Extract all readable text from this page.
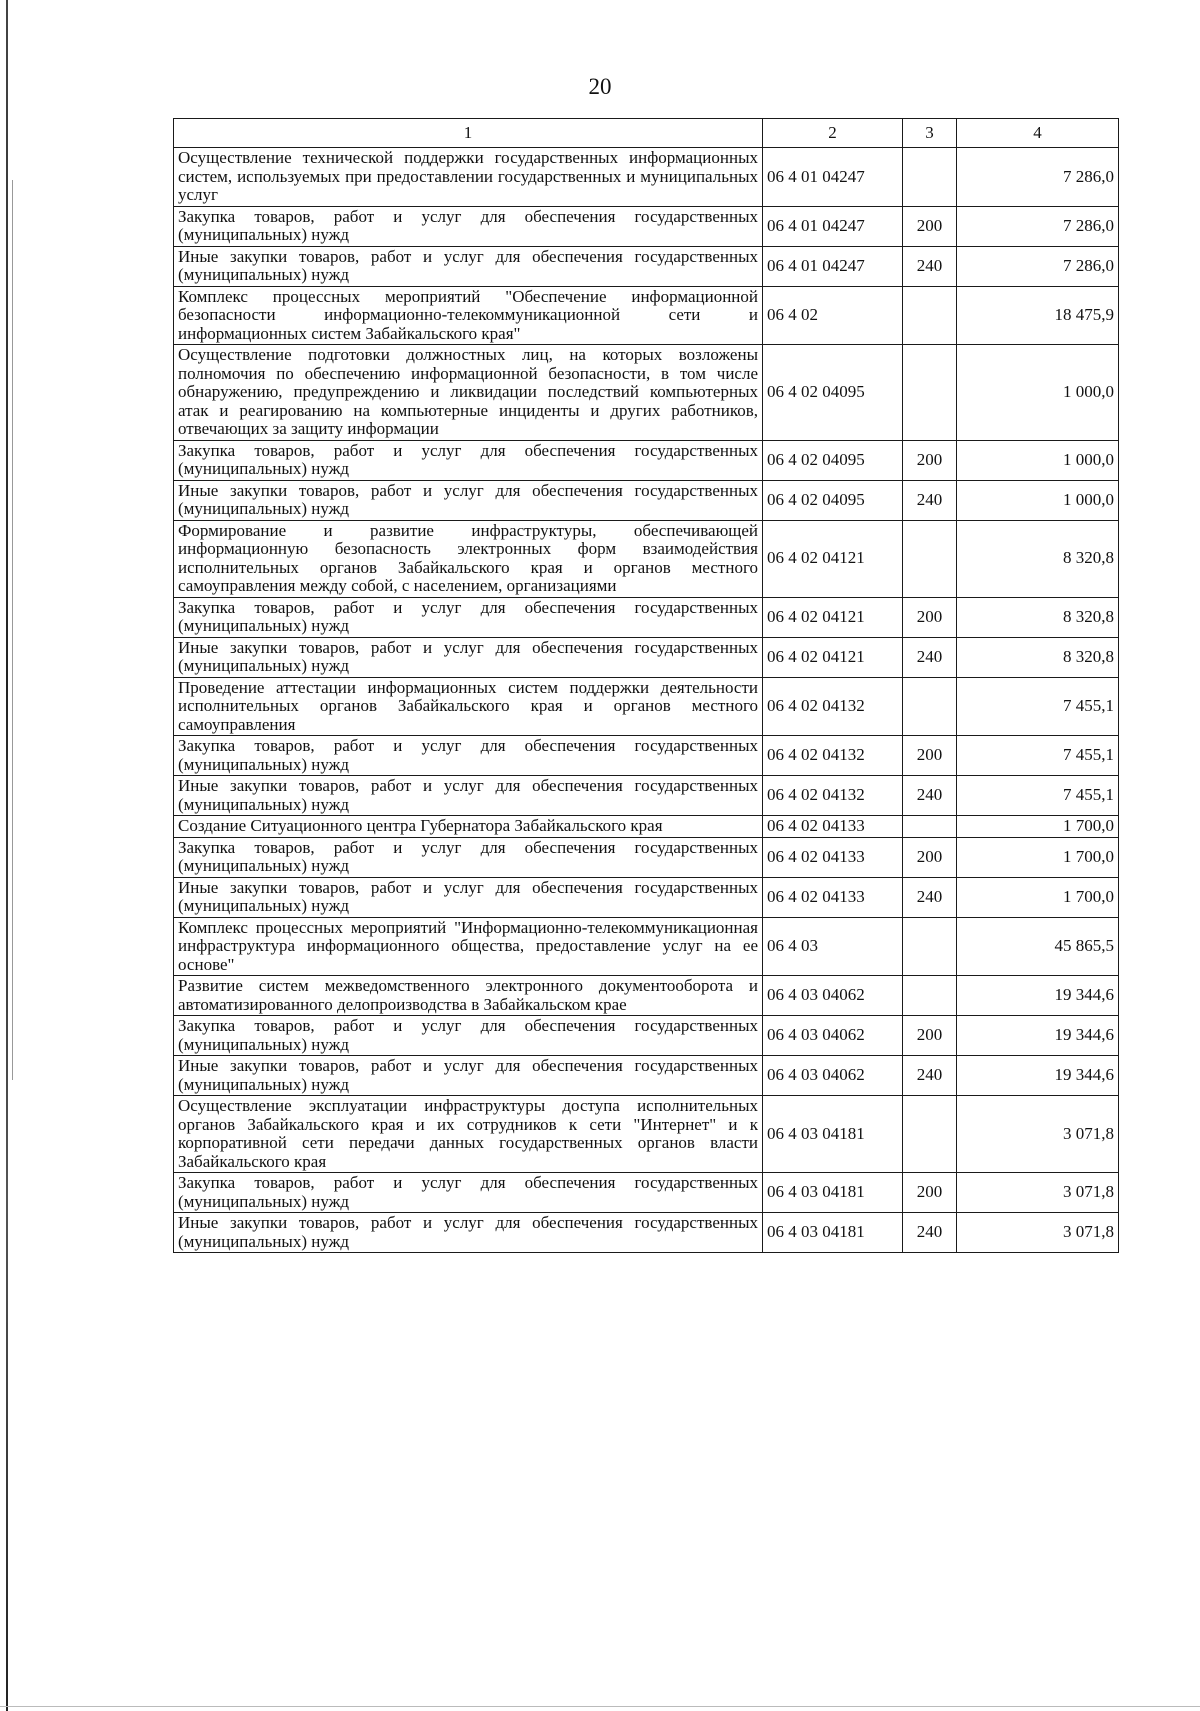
20
1	2	3	4
Осуществление технической поддержки государственных информационных систем, используемых при предоставлении государственных и муниципальных услуг	06 4 01 04247		7 286,0
Закупка товаров, работ и услуг для обеспечения государственных (муниципальных) нужд	06 4 01 04247	200	7 286,0
Иные закупки товаров, работ и услуг для обеспечения государственных (муниципальных) нужд	06 4 01 04247	240	7 286,0
Комплекс процессных мероприятий "Обеспечение информационной безопасности информационно-телекоммуникационной сети и информационных систем Забайкальского края"	06 4 02		18 475,9
Осуществление подготовки должностных лиц, на которых возложены полномочия по обеспечению информационной безопасности, в том числе обнаружению, предупреждению и ликвидации последствий компьютерных атак и реагированию на компьютерные инциденты и других работников, отвечающих за защиту информации	06 4 02 04095		1 000,0
Закупка товаров, работ и услуг для обеспечения государственных (муниципальных) нужд	06 4 02 04095	200	1 000,0
Иные закупки товаров, работ и услуг для обеспечения государственных (муниципальных) нужд	06 4 02 04095	240	1 000,0
Формирование и развитие инфраструктуры, обеспечивающей информационную безопасность электронных форм взаимодействия исполнительных органов Забайкальского края и органов местного самоуправления между собой, с населением, организациями	06 4 02 04121		8 320,8
Закупка товаров, работ и услуг для обеспечения государственных (муниципальных) нужд	06 4 02 04121	200	8 320,8
Иные закупки товаров, работ и услуг для обеспечения государственных (муниципальных) нужд	06 4 02 04121	240	8 320,8
Проведение аттестации информационных систем поддержки деятельности исполнительных органов Забайкальского края и органов местного самоуправления	06 4 02 04132		7 455,1
Закупка товаров, работ и услуг для обеспечения государственных (муниципальных) нужд	06 4 02 04132	200	7 455,1
Иные закупки товаров, работ и услуг для обеспечения государственных (муниципальных) нужд	06 4 02 04132	240	7 455,1
Создание Ситуационного центра Губернатора Забайкальского края	06 4 02 04133		1 700,0
Закупка товаров, работ и услуг для обеспечения государственных (муниципальных) нужд	06 4 02 04133	200	1 700,0
Иные закупки товаров, работ и услуг для обеспечения государственных (муниципальных) нужд	06 4 02 04133	240	1 700,0
Комплекс процессных мероприятий "Информационно-телекоммуникационная инфраструктура информационного общества, предоставление услуг на ее основе"	06 4 03		45 865,5
Развитие систем межведомственного электронного документооборота и автоматизированного делопроизводства в Забайкальском крае	06 4 03 04062		19 344,6
Закупка товаров, работ и услуг для обеспечения государственных (муниципальных) нужд	06 4 03 04062	200	19 344,6
Иные закупки товаров, работ и услуг для обеспечения государственных (муниципальных) нужд	06 4 03 04062	240	19 344,6
Осуществление эксплуатации инфраструктуры доступа исполнительных органов Забайкальского края и их сотрудников к сети "Интернет" и к корпоративной сети передачи данных государственных органов власти Забайкальского края	06 4 03 04181		3 071,8
Закупка товаров, работ и услуг для обеспечения государственных (муниципальных) нужд	06 4 03 04181	200	3 071,8
Иные закупки товаров, работ и услуг для обеспечения государственных (муниципальных) нужд	06 4 03 04181	240	3 071,8
